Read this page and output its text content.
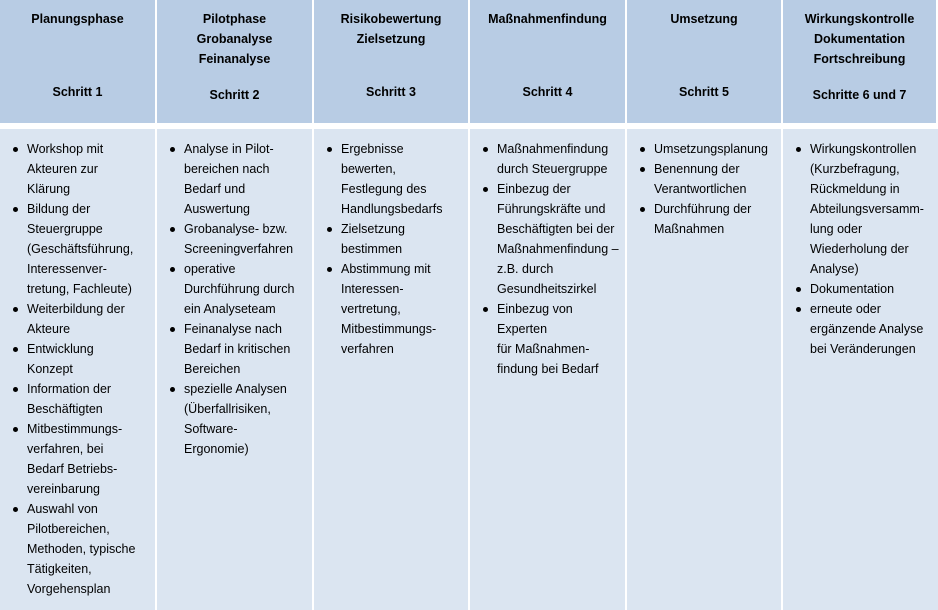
Planungsphase
Schritt 1
Pilotphase
Grobanalyse
Feinanalyse
Schritt 2
Risikobewertung
Zielsetzung
Schritt 3
Maßnahmenfindung
Schritt 4
Umsetzung
Schritt 5
Wirkungskontrolle
Dokumentation
Fortschreibung
Schritte 6 und 7
Workshop mit
Akteuren zur
Klärung
Bildung der
Steuergruppe
(Geschäftsführung,
Interessenver-
tretung, Fachleute)
Weiterbildung der
Akteure
Entwicklung
Konzept
Information der
Beschäftigten
Mitbestimmungs-
verfahren, bei
Bedarf Betriebs-
vereinbarung
Auswahl von
Pilotbereichen,
Methoden, typische
Tätigkeiten,
Vorgehensplan
Analyse in Pilot-
bereichen nach
Bedarf und
Auswertung
Grobanalyse- bzw.
Screeningverfahren
operative
Durchführung durch
ein Analyseteam
Feinanalyse nach
Bedarf in kritischen
Bereichen
spezielle Analysen
(Überfallrisiken,
Software-
Ergonomie)
Ergebnisse
bewerten,
Festlegung des
Handlungsbedarfs
Zielsetzung
bestimmen
Abstimmung mit
Interessen-
vertretung,
Mitbestimmungs-
verfahren
Maßnahmenfindung
durch Steuergruppe
Einbezug der
Führungskräfte und
Beschäftigten bei der
Maßnahmenfindung –
z.B. durch
Gesundheitszirkel
Einbezug von Experten
für Maßnahmen-
findung bei Bedarf
Umsetzungsplanung
Benennung der
Verantwortlichen
Durchführung der
Maßnahmen
Wirkungskontrollen
(Kurzbefragung,
Rückmeldung in
Abteilungsversamm-
lung oder
Wiederholung der
Analyse)
Dokumentation
erneute oder
ergänzende Analyse
bei Veränderungen
